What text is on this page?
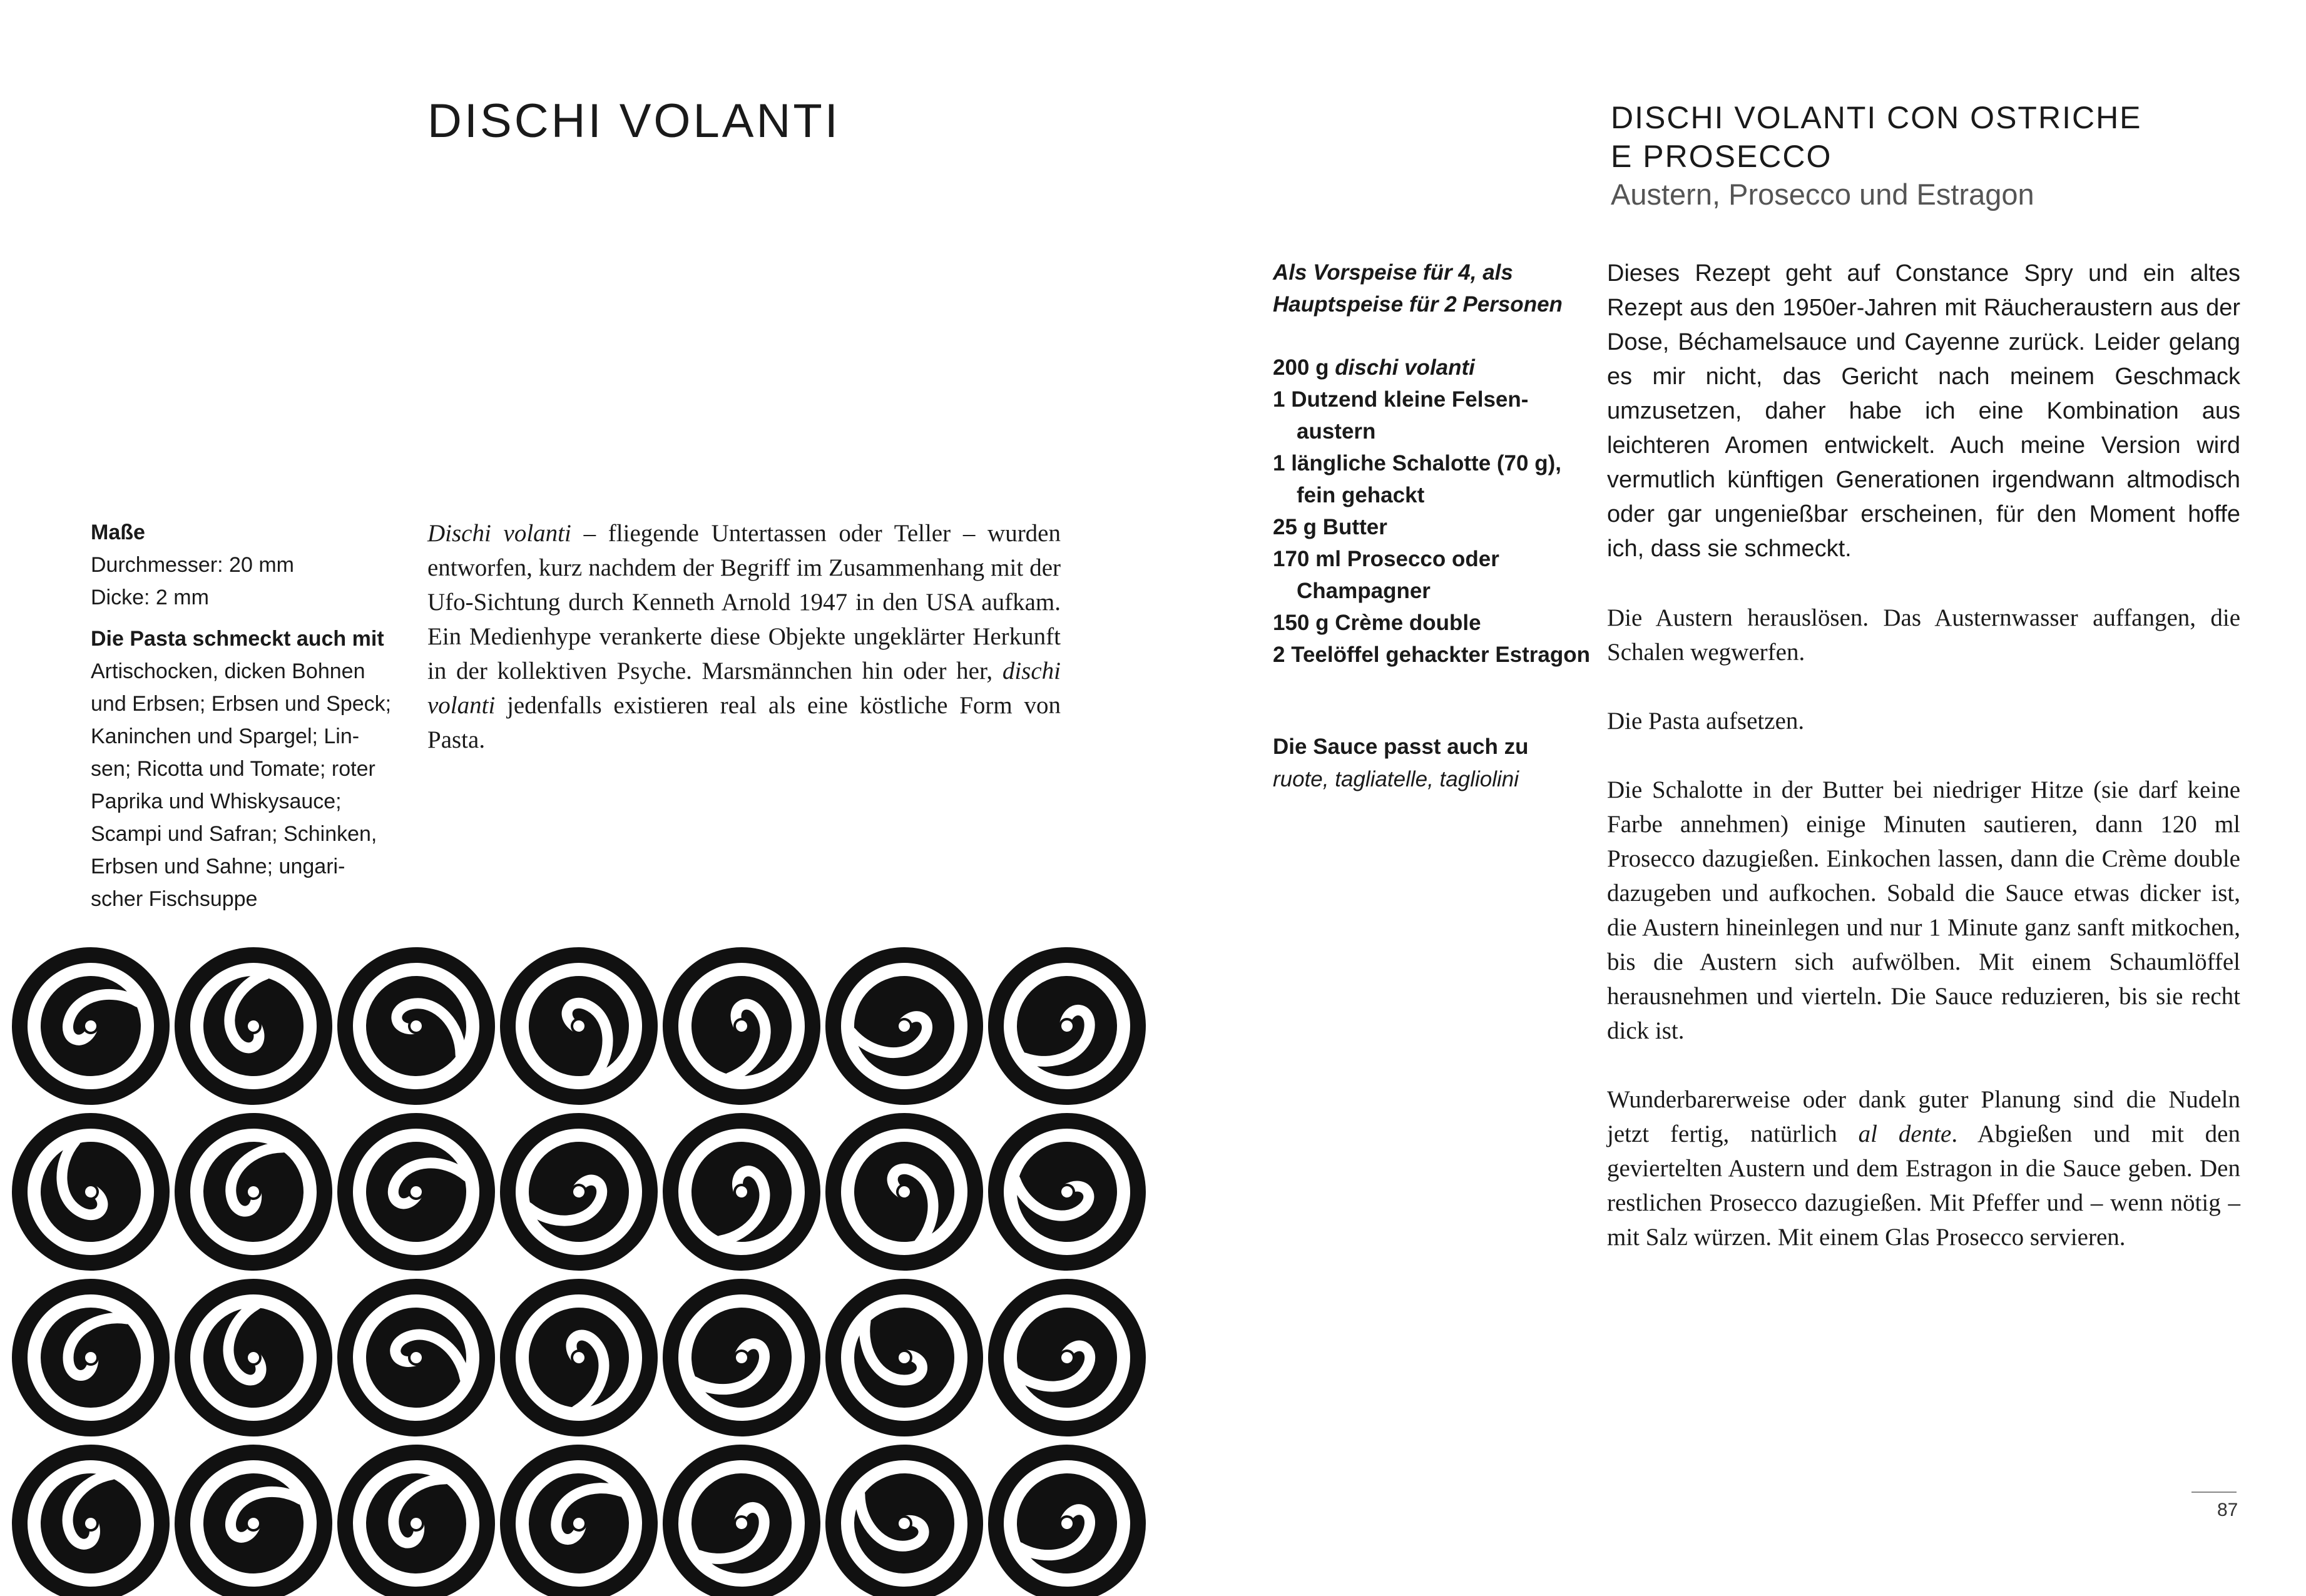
DISCHI VOLANTI
Maße
Durchmesser: 20 mm
Dicke: 2 mm
Die Pasta schmeckt auch mit
Artischocken, dicken Bohnen
und Erbsen; Erbsen und Speck;
Kaninchen und Spargel; Lin-
sen; Ricotta und Tomate; roter
Paprika und Whiskysauce;
Scampi und Safran; Schinken,
Erbsen und Sahne; ungari-
scher Fischsuppe
Dischi volanti – fliegende Untertassen oder Teller – wurden entworfen, kurz nachdem der Begriff im Zusammenhang mit der Ufo-Sichtung durch Kenneth Arnold 1947 in den USA aufkam. Ein Medienhype verankerte diese Objekte ungeklärter Herkunft in der kollektiven Psyche. Marsmännchen hin oder her, dischi volanti jedenfalls existieren real als eine köstliche Form von Pasta.
DISCHI VOLANTI CON OSTRICHE
E PROSECCO
Austern, Prosecco und Estragon
Als Vorspeise für 4, als
Hauptspeise für 2 Personen
200 g dischi volanti
1 Dutzend kleine Felsen-austern
1 längliche Schalotte (70 g), fein gehackt
25 g Butter
170 ml Prosecco oder Champagner
150 g Crème double
2 Teelöffel gehackter Estragon
Die Sauce passt auch zu
ruote, tagliatelle, tagliolini

Dieses Rezept geht auf Constance Spry und ein altes Rezept aus den 1950er-Jahren mit Räucheraustern aus der Dose, Béchamelsauce und Cayenne zurück. Leider gelang es mir nicht, das Gericht nach meinem Geschmack umzusetzen, daher habe ich eine Kombination aus leichteren Aromen entwickelt. Auch meine Version wird vermutlich künftigen Generationen irgendwann altmodisch oder gar ungenießbar erscheinen, für den Moment hoffe ich, dass sie schmeckt.

Die Austern herauslösen. Das Austernwasser auffangen, die Schalen wegwerfen.

Die Pasta aufsetzen.

Die Schalotte in der Butter bei niedriger Hitze (sie darf keine Farbe annehmen) einige Minuten sautieren, dann 120 ml Prosecco dazugießen. Einkochen lassen, dann die Crème double dazugeben und aufkochen. Sobald die Sauce etwas dicker ist, die Austern hineinlegen und nur 1 Minute ganz sanft mitkochen, bis die Austern sich aufwölben. Mit einem Schaumlöffel herausnehmen und vierteln. Die Sauce reduzieren, bis sie recht dick ist.

Wunderbarerweise oder dank guter Planung sind die Nudeln jetzt fertig, natürlich al dente. Abgießen und mit den geviertelten Austern und dem Estragon in die Sauce geben. Den restlichen Prosecco dazugießen. Mit Pfeffer und – wenn nötig – mit Salz würzen. Mit einem Glas Prosecco servieren.

87
